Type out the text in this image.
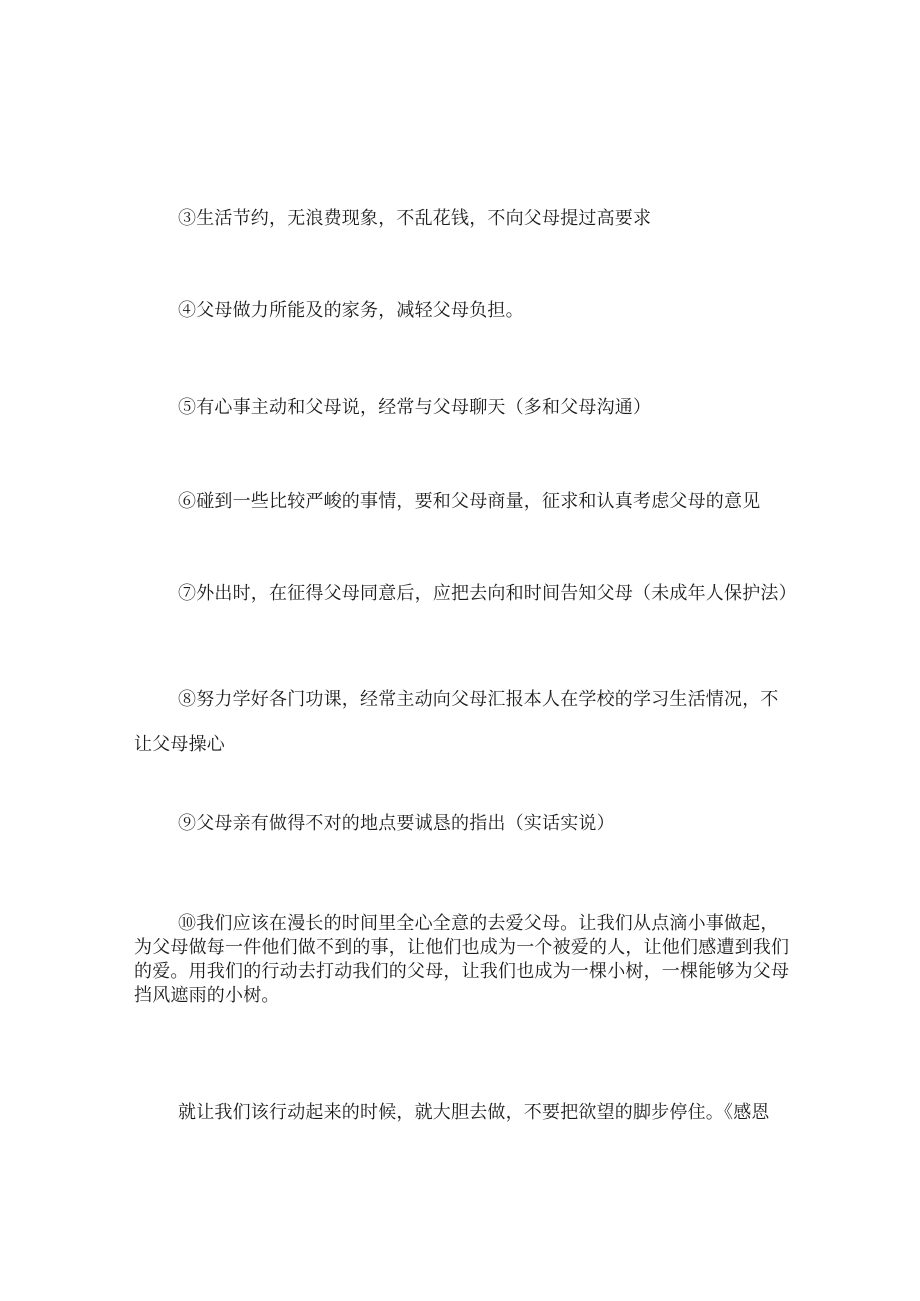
③生活节约，无浪费现象，不乱花钱，不向父母提过高要求

④父母做力所能及的家务，减轻父母负担。

⑤有心事主动和父母说，经常与父母聊天（多和父母沟通）

⑥碰到一些比较严峻的事情，要和父母商量，征求和认真考虑父母的意见

⑦外出时，在征得父母同意后，应把去向和时间告知父母（未成年人保护法）

⑧努力学好各门功课，经常主动向父母汇报本人在学校的学习生活情况，不让父母操心

⑨父母亲有做得不对的地点要诚恳的指出（实话实说）

⑩我们应该在漫长的时间里全心全意的去爱父母。让我们从点滴小事做起，为父母做每一件他们做不到的事，让他们也成为一个被爱的人，让他们感遭到我们的爱。用我们的行动去打动我们的父母，让我们也成为一棵小树，一棵能够为父母挡风遮雨的小树。

就让我们该行动起来的时候，就大胆去做，不要把欲望的脚步停住。《感恩
